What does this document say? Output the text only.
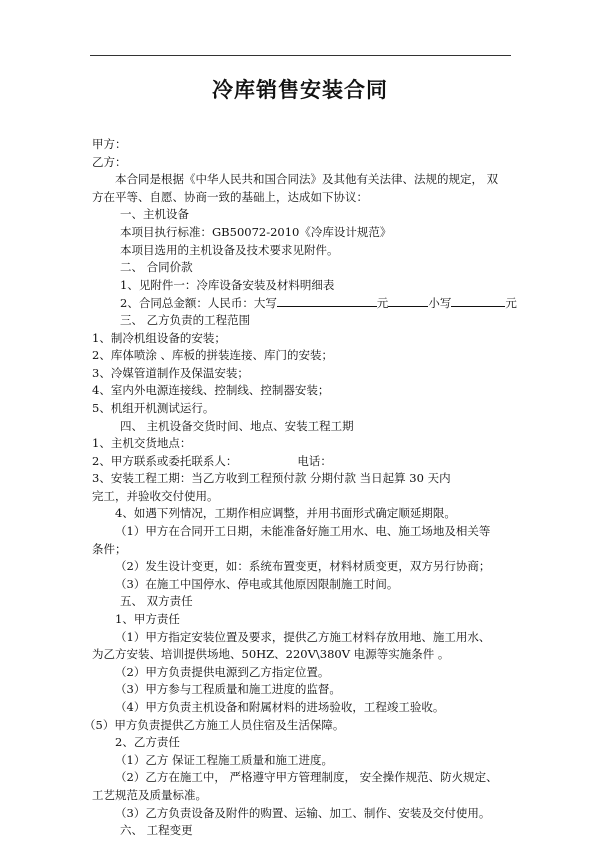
冷库销售安装合同
甲方：
乙方：
本合同是根据《中华人民共和国合同法》及其他有关法律、法规的规定， 双
方在平等、自愿、协商一致的基础上，达成如下协议：
一、主机设备
本项目执行标准：GB50072-2010《冷库设计规范》
本项目选用的主机设备及技术要求见附件。
二、 合同价款
1、见附件一：冷库设备安装及材料明细表
2、合同总金额：人民币：大写	元	小写	元
三、 乙方负责的工程范围
1、制冷机组设备的安装；
2、库体喷涂 、库板的拼装连接、库门的安装；
3、冷媒管道制作及保温安装；
4、室内外电源连接线、控制线、控制器安装；
5、机组开机测试运行。
四、 主机设备交货时间、地点、安装工程工期
1、主机交货地点：
2、甲方联系或委托联系人：	电话：
3、安装工程工期：当乙方收到工程预付款 分期付款 当日起算 30 天内
完工，并验收交付使用。
4、如遇下列情况，工期作相应调整，并用书面形式确定顺延期限。
（1）甲方在合同开工日期，未能准备好施工用水、电、施工场地及相关等
条件；
（2）发生设计变更，如：系统布置变更，材料材质变更，双方另行协商；
（3）在施工中国停水、停电或其他原因限制施工时间。
五、 双方责任
1、甲方责任
（1）甲方指定安装位置及要求，提供乙方施工材料存放用地、施工用水、
为乙方安装、培训提供场地、50HZ、220V\380V 电源等实施条件 。
（2）甲方负责提供电源到乙方指定位置。
（3）甲方参与工程质量和施工进度的监督。
（4）甲方负责主机设备和附属材料的进场验收，工程竣工验收。
（5）甲方负责提供乙方施工人员住宿及生活保障。
2、乙方责任
（1）乙方 保证工程施工质量和施工进度。
（2）乙方在施工中， 严格遵守甲方管理制度， 安全操作规范、防火规定、
工艺规范及质量标准。
（3）乙方负责设备及附件的购置、运输、加工、制作、安装及交付使用。
六、 工程变更
